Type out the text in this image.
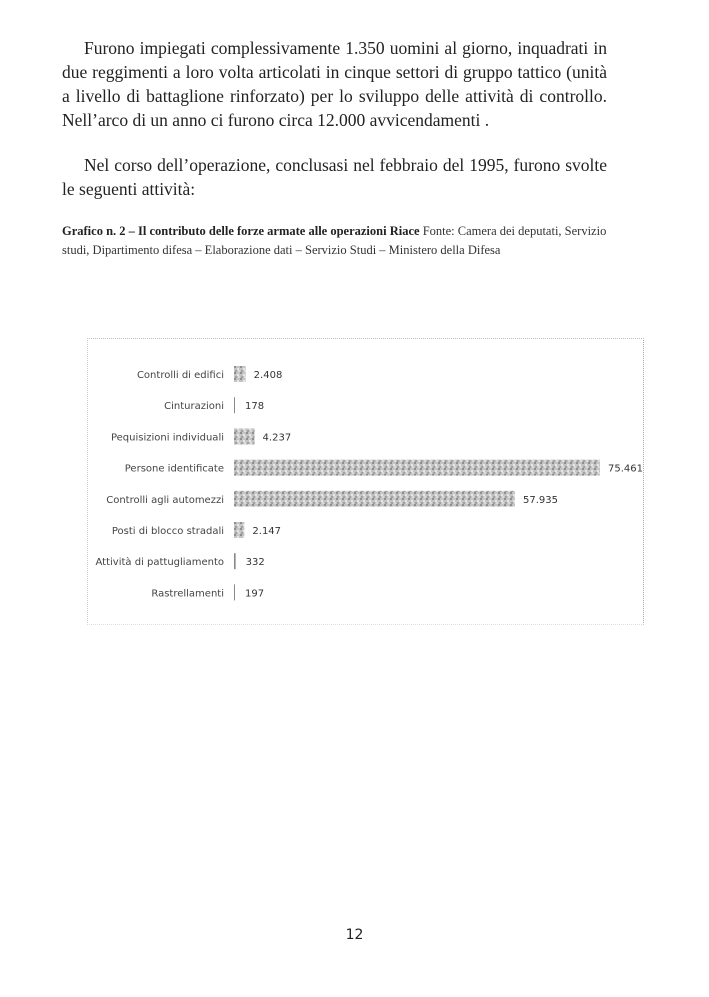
Furono impiegati complessivamente 1.350 uomini al giorno, inquadrati in due reggimenti a loro volta articolati in cinque settori di gruppo tattico (unità a livello di battaglione rinforzato) per lo sviluppo delle attività di controllo. Nell’arco di un anno ci furono circa 12.000 avvicendamenti .

Nel corso dell’operazione, conclusasi nel febbraio del 1995, furono svolte le seguenti attività:

Grafico n. 2 – Il contributo delle forze armate alle operazioni Riace Fonte: Camera dei deputati, Servizio studi, Dipartimento difesa – Elaborazione dati – Servizio Studi – Ministero della Difesa

Controlli di edifici	2.408
Cinturazioni 178
Pequisizioni individuali	4.237
Persone identificate	75.461
Controlli agli automezzi	57.935
Posti di blocco stradali	2.147
Attività di pattugliamento 332
Rastrellamenti 197
12
